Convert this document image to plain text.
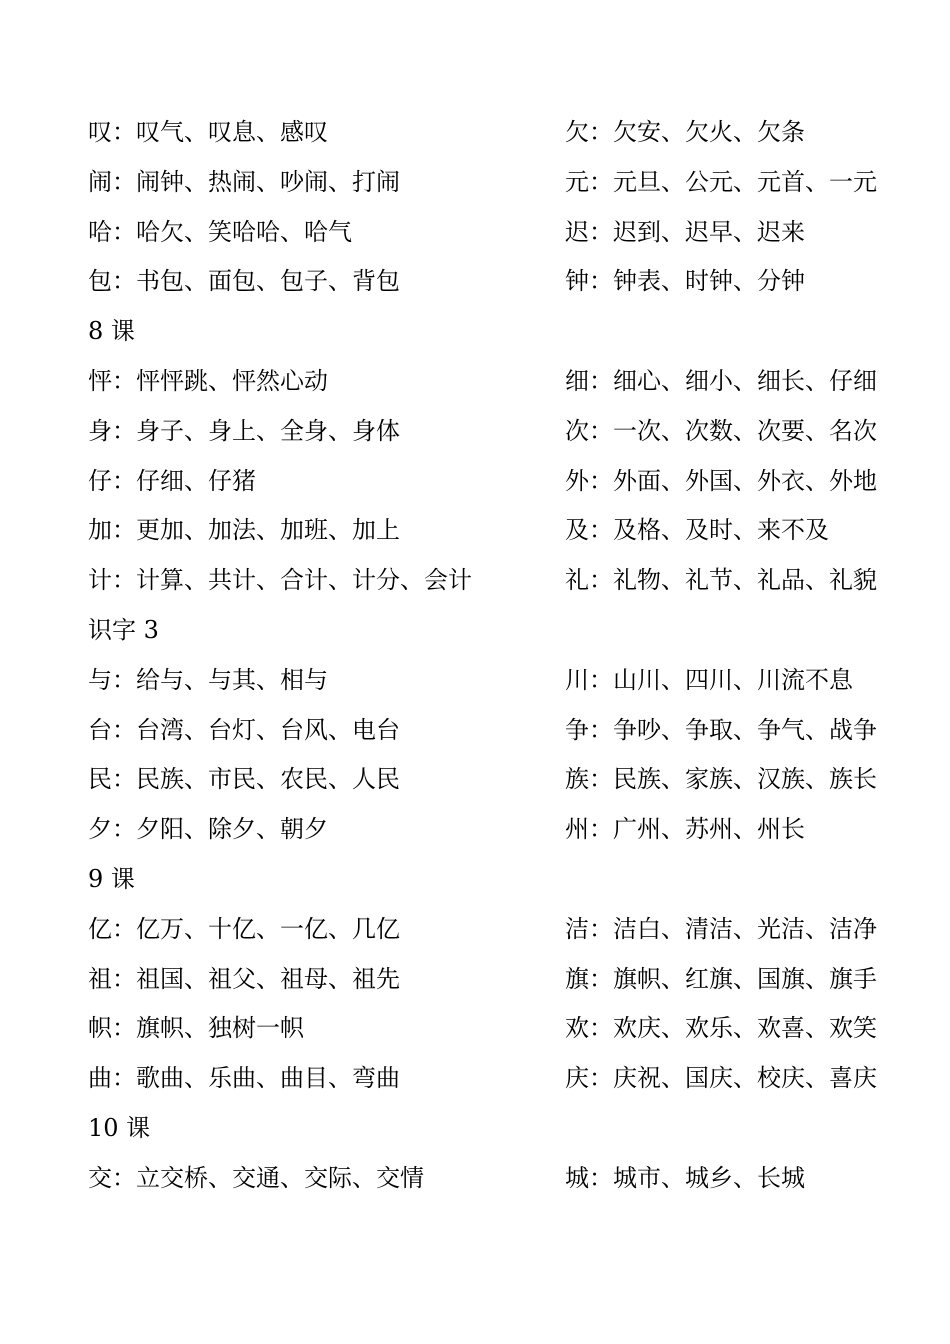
叹：叹气、叹息、感叹	欠：欠安、欠火、欠条
闹：闹钟、热闹、吵闹、打闹	元：元旦、公元、元首、一元
哈：哈欠、笑哈哈、哈气	迟：迟到、迟早、迟来
包：书包、面包、包子、背包	钟：钟表、时钟、分钟
8 课
怦：怦怦跳、怦然心动	细：细心、细小、细长、仔细
身：身子、身上、全身、身体	次：一次、次数、次要、名次
仔：仔细、仔猪	外：外面、外国、外衣、外地
加：更加、加法、加班、加上	及：及格、及时、来不及
计：计算、共计、合计、计分、会计	礼：礼物、礼节、礼品、礼貌
识字 3
与：给与、与其、相与	川：山川、四川、川流不息
台：台湾、台灯、台风、电台	争：争吵、争取、争气、战争
民：民族、市民、农民、人民	族：民族、家族、汉族、族长
夕：夕阳、除夕、朝夕	州：广州、苏州、州长
9 课
亿：亿万、十亿、一亿、几亿	洁：洁白、清洁、光洁、洁净
祖：祖国、祖父、祖母、祖先	旗：旗帜、红旗、国旗、旗手
帜：旗帜、独树一帜	欢：欢庆、欢乐、欢喜、欢笑
曲：歌曲、乐曲、曲目、弯曲	庆：庆祝、国庆、校庆、喜庆
10 课
交：立交桥、交通、交际、交情	城：城市、城乡、长城
